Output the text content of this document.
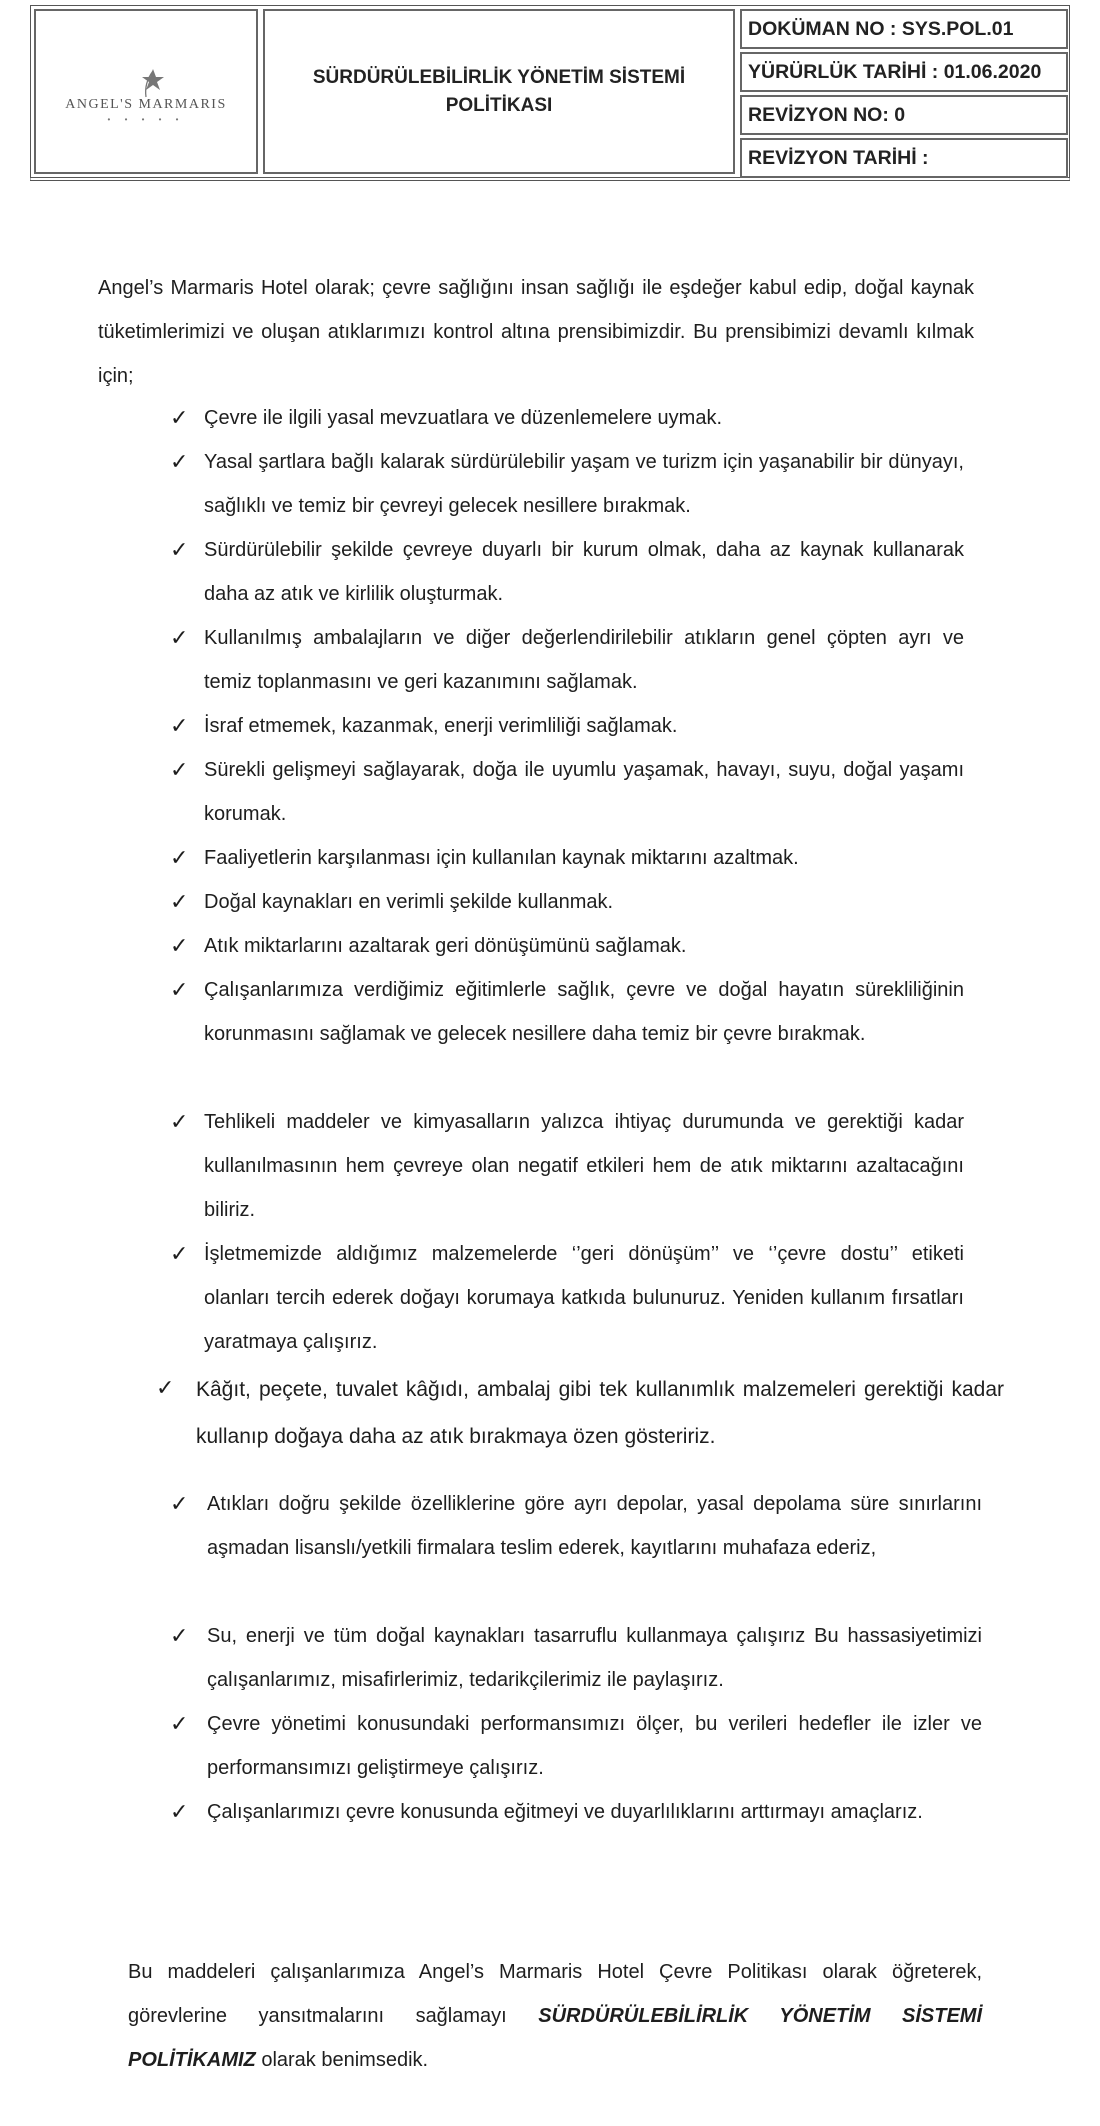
ANGEL'S MARMARIS
• • • • •
SÜRDÜRÜLEBİLİRLİK YÖNETİM SİSTEMİ POLİTİKASI
DOKÜMAN NO : SYS.POL.01
YÜRÜRLÜK TARİHİ : 01.06.2020
REVİZYON NO: 0
REVİZYON TARİHİ :
Angel’s Marmaris Hotel olarak; çevre sağlığını insan sağlığı ile eşdeğer kabul edip, doğal kaynak tüketimlerimizi ve oluşan atıklarımızı kontrol altına prensibimizdir. Bu prensibimizi devamlı kılmak için;
✓ Çevre ile ilgili yasal mevzuatlara ve düzenlemelere uymak.
✓ Yasal şartlara bağlı kalarak sürdürülebilir yaşam ve turizm için yaşanabilir bir dünyayı, sağlıklı ve temiz bir çevreyi gelecek nesillere bırakmak.
✓ Sürdürülebilir şekilde çevreye duyarlı bir kurum olmak, daha az kaynak kullanarak daha az atık ve kirlilik oluşturmak.
✓ Kullanılmış ambalajların ve diğer değerlendirilebilir atıkların genel çöpten ayrı ve temiz toplanmasını ve geri kazanımını sağlamak.
✓ İsraf etmemek, kazanmak, enerji verimliliği sağlamak.
✓ Sürekli gelişmeyi sağlayarak, doğa ile uyumlu yaşamak, havayı, suyu, doğal yaşamı korumak.
✓ Faaliyetlerin karşılanması için kullanılan kaynak miktarını azaltmak.
✓ Doğal kaynakları en verimli şekilde kullanmak.
✓ Atık miktarlarını azaltarak geri dönüşümünü sağlamak.
✓ Çalışanlarımıza verdiğimiz eğitimlerle sağlık, çevre ve doğal hayatın sürekliliğinin korunmasını sağlamak ve gelecek nesillere daha temiz bir çevre bırakmak.
✓ Tehlikeli maddeler ve kimyasalların yalızca ihtiyaç durumunda ve gerektiği kadar kullanılmasının hem çevreye olan negatif etkileri hem de atık miktarını azaltacağını biliriz.
✓ İşletmemizde aldığımız malzemelerde ‘’geri dönüşüm’’ ve ‘’çevre dostu’’ etiketi olanları tercih ederek doğayı korumaya katkıda bulunuruz. Yeniden kullanım fırsatları yaratmaya çalışırız.
✓ Kâğıt, peçete, tuvalet kâğıdı, ambalaj gibi tek kullanımlık malzemeleri gerektiği kadar kullanıp doğaya daha az atık bırakmaya özen gösteririz.
✓ Atıkları doğru şekilde özelliklerine göre ayrı depolar, yasal depolama süre sınırlarını aşmadan lisanslı/yetkili firmalara teslim ederek, kayıtlarını muhafaza ederiz,
✓ Su, enerji ve tüm doğal kaynakları tasarruflu kullanmaya çalışırız Bu hassasiyetimizi çalışanlarımız, misafirlerimiz, tedarikçilerimiz ile paylaşırız.
✓ Çevre yönetimi konusundaki performansımızı ölçer, bu verileri hedefler ile izler ve performansımızı geliştirmeye çalışırız.
✓ Çalışanlarımızı çevre konusunda eğitmeyi ve duyarlılıklarını arttırmayı amaçlarız.
Bu maddeleri çalışanlarımıza Angel’s Marmaris Hotel Çevre Politikası olarak öğreterek, görevlerine yansıtmalarını sağlamayı SÜRDÜRÜLEBİLİRLİK YÖNETİM SİSTEMİ POLİTİKAMIZ olarak benimsedik.
